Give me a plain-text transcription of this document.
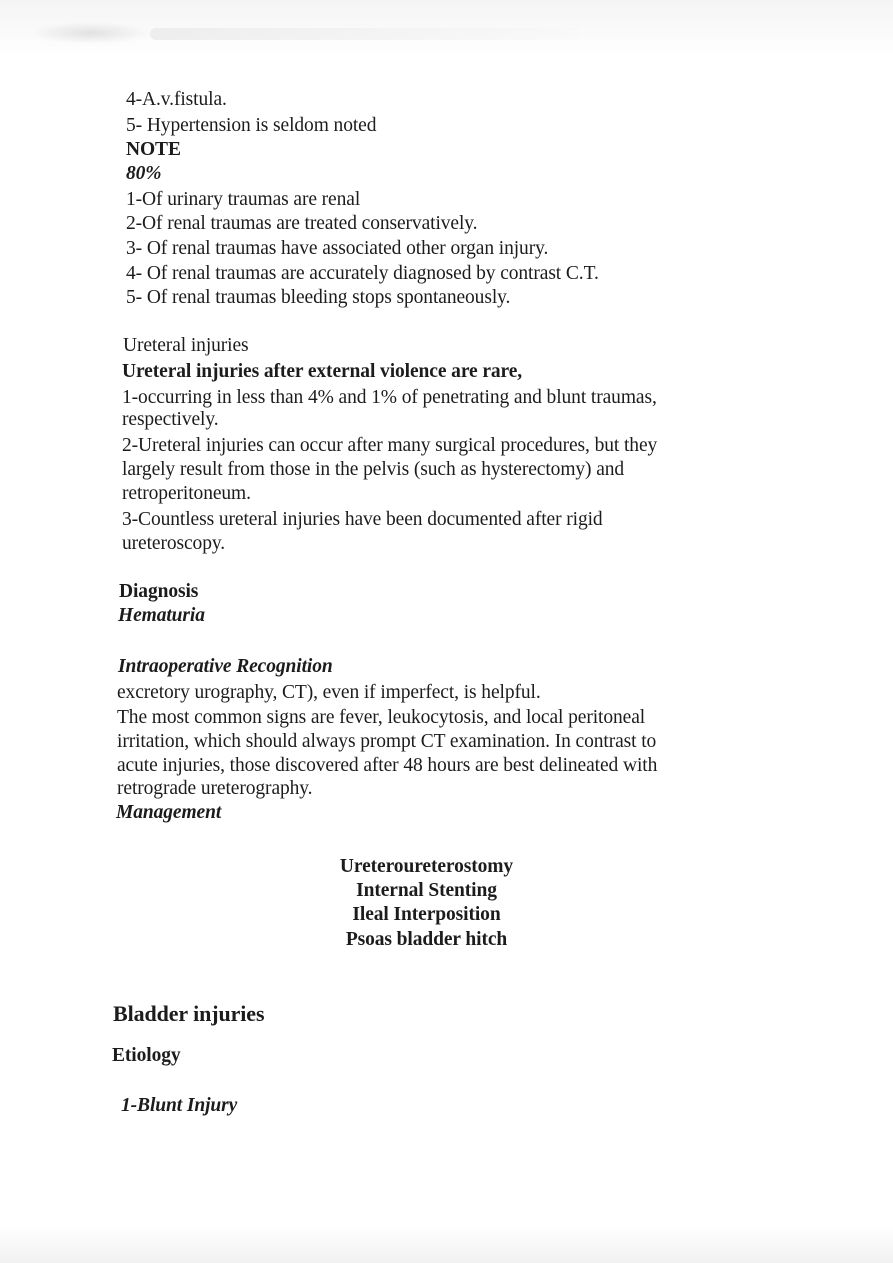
4-A.v.fistula.
5- Hypertension is seldom noted
NOTE
80%
1-Of urinary traumas are renal
2-Of renal traumas are treated conservatively.
3- Of renal traumas have associated other organ injury.
4- Of renal traumas are accurately diagnosed by contrast C.T.
5- Of renal traumas bleeding stops spontaneously.
Ureteral injuries
Ureteral injuries after external violence are rare,
1-occurring in less than 4% and 1% of penetrating and blunt traumas,
respectively.
2-Ureteral injuries can occur after many surgical procedures, but they
largely result from those in the pelvis (such as hysterectomy) and
retroperitoneum.
3-Countless ureteral injuries have been documented after rigid
ureteroscopy.
Diagnosis
Hematuria
Intraoperative Recognition
excretory urography, CT), even if imperfect, is helpful.
The most common signs are fever, leukocytosis, and local peritoneal
irritation, which should always prompt CT examination. In contrast to
acute injuries, those discovered after 48 hours are best delineated with
retrograde ureterography.
Management
Ureteroureterostomy
Internal Stenting
Ileal Interposition
Psoas bladder hitch
Bladder injuries
Etiology
1-Blunt Injury
